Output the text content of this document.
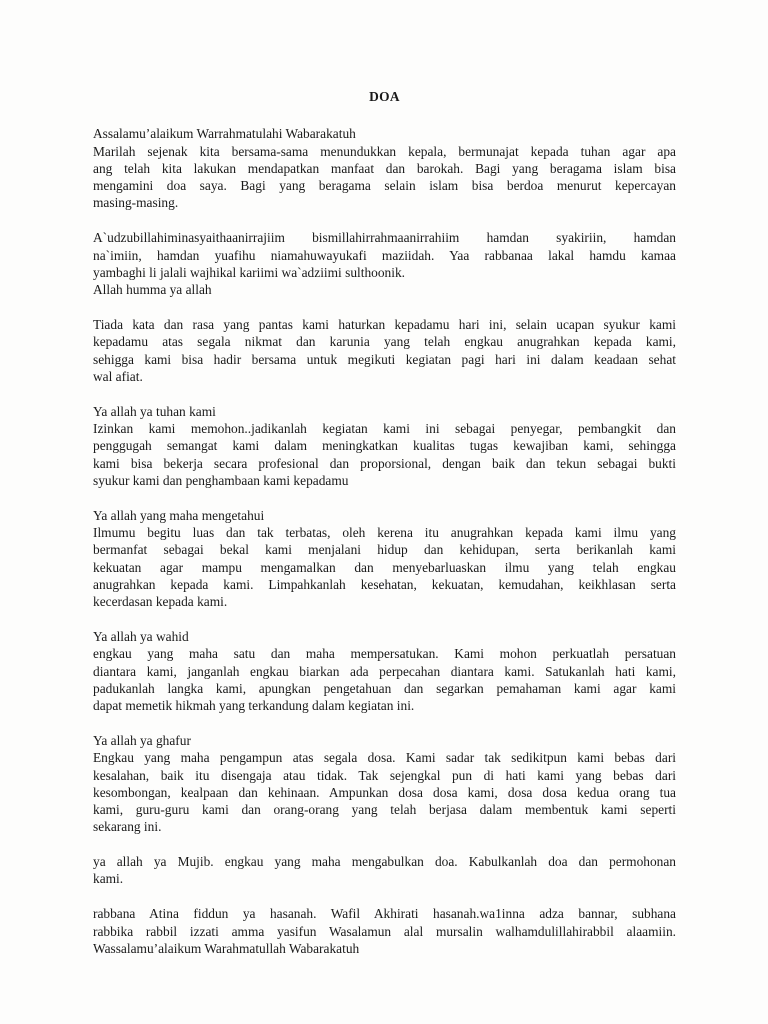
DOA
Assalamu’alaikum Warrahmatulahi Wabarakatuh
Marilah sejenak kita bersama-sama menundukkan kepala, bermunajat kepada tuhan agar apa
ang telah kita lakukan mendapatkan manfaat dan barokah. Bagi yang beragama islam bisa
mengamini doa saya. Bagi yang beragama selain islam bisa berdoa menurut kepercayan
masing-masing.
A`udzubillahiminasyaithaanirrajiim bismillahirrahmaanirrahiim hamdan syakiriin, hamdan
na`imiin, hamdan yuafihu niamahuwayukafi maziidah. Yaa rabbanaa lakal hamdu kamaa
yambaghi li jalali wajhikal kariimi wa`adziimi sulthoonik.
Allah humma ya allah
Tiada kata dan rasa yang pantas kami haturkan kepadamu hari ini, selain ucapan syukur kami
kepadamu atas segala nikmat dan karunia yang telah engkau anugrahkan kepada kami,
sehigga kami bisa hadir bersama untuk megikuti kegiatan pagi hari ini dalam keadaan sehat
wal afiat.
Ya allah ya tuhan kami
Izinkan kami memohon..jadikanlah kegiatan kami ini sebagai penyegar, pembangkit dan
penggugah semangat kami dalam meningkatkan kualitas tugas kewajiban kami, sehingga
kami bisa bekerja secara profesional dan proporsional, dengan baik dan tekun sebagai bukti
syukur kami dan penghambaan kami kepadamu
Ya allah yang maha mengetahui
Ilmumu begitu luas dan tak terbatas, oleh kerena itu anugrahkan kepada kami ilmu yang
bermanfat sebagai bekal kami menjalani hidup dan kehidupan, serta berikanlah kami
kekuatan agar mampu mengamalkan dan menyebarluaskan ilmu yang telah engkau
anugrahkan kepada kami. Limpahkanlah kesehatan, kekuatan, kemudahan, keikhlasan serta
kecerdasan kepada kami.
Ya allah ya wahid
engkau yang maha satu dan maha mempersatukan. Kami mohon perkuatlah persatuan
diantara kami, janganlah engkau biarkan ada perpecahan diantara kami. Satukanlah hati kami,
padukanlah langka kami, apungkan pengetahuan dan segarkan pemahaman kami agar kami
dapat memetik hikmah yang terkandung dalam kegiatan ini.
Ya allah ya ghafur
Engkau yang maha pengampun atas segala dosa. Kami sadar tak sedikitpun kami bebas dari
kesalahan, baik itu disengaja atau tidak. Tak sejengkal pun di hati kami yang bebas dari
kesombongan, kealpaan dan kehinaan. Ampunkan dosa dosa kami, dosa dosa kedua orang tua
kami, guru-guru kami dan orang-orang yang telah berjasa dalam membentuk kami seperti
sekarang ini.
ya allah ya Mujib. engkau yang maha mengabulkan doa. Kabulkanlah doa dan permohonan
kami.
rabbana Atina fiddun ya hasanah. Wafil Akhirati hasanah.wa1inna adza bannar, subhana
rabbika rabbil izzati amma yasifun Wasalamun alal mursalin walhamdulillahirabbil alaamiin.
Wassalamu’alaikum Warahmatullah Wabarakatuh
